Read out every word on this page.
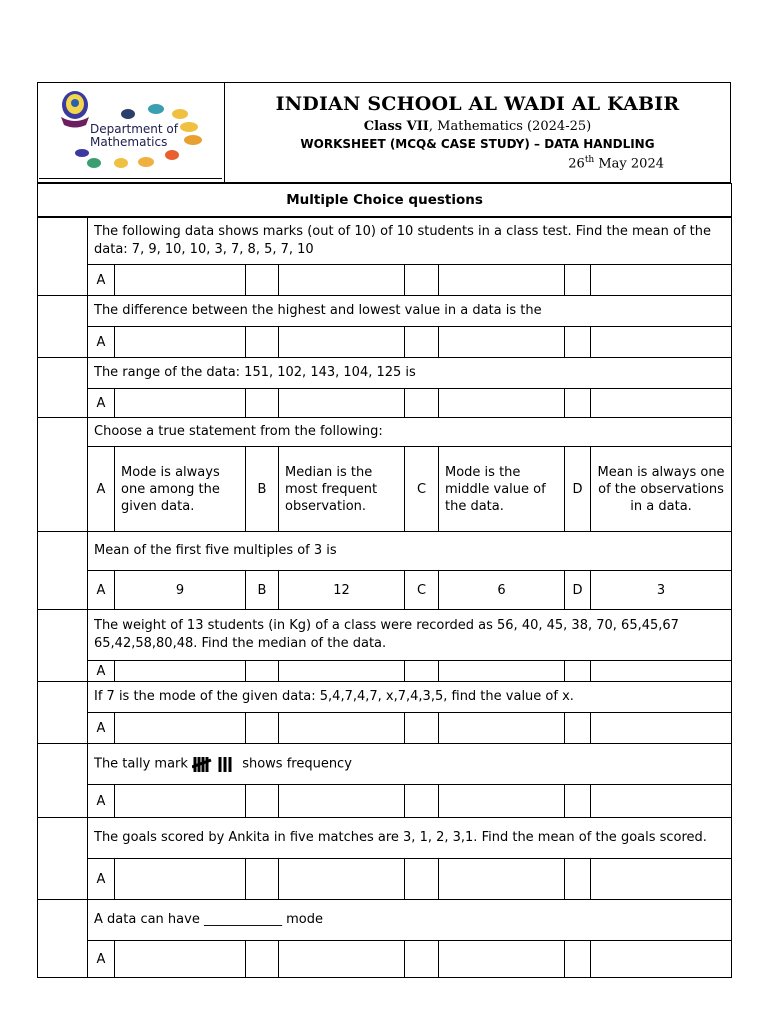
Department of
Mathematics
INDIAN SCHOOL AL WADI AL KABIR
Class VII, Mathematics (2024-25)
WORKSHEET (MCQ& CASE STUDY) – DATA HANDLING
26th May 2024
Multiple Choice questions
	The following data shows marks (out of 10) of 10 students in a class test. Find the mean of the data: 7, 9, 10, 10, 3, 7, 8, 5, 7, 10							
	A							
	The difference between the highest and lowest value in a data is the							
	A							
	The range of the data: 151, 102, 143, 104, 125 is							
	A							
	Choose a true statement from the following:							
	A	Mode is always one among the given data.	B	Median is the most frequent observation.	C	Mode is the middle value of the data.	D	Mean is always one of the observations in a data.
	Mean of the first five multiples of 3 is							
	A	9	B	12	C	6	D	3
	The weight of 13 students (in Kg) of a class were recorded as 56, 40, 45, 38, 70, 65,45,67 65,42,58,80,48. Find the median of the data.							
	A							
	If 7 is the mode of the given data: 5,4,7,4,7, x,7,4,3,5, find the value of x.							
	A							
	The tally mark shows frequency							
	A							
	The goals scored by Ankita in five matches are 3, 1, 2, 3,1. Find the mean of the goals scored.							
	A							
	A data can have ____________ mode							
	A							
